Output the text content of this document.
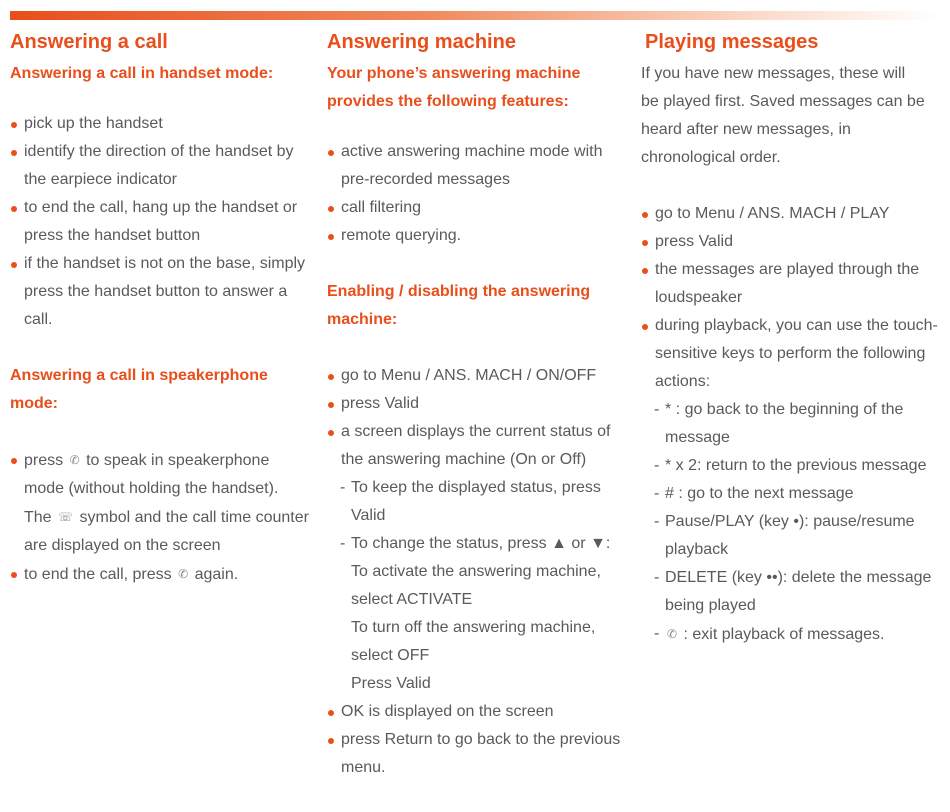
Answering a call
Answering a call in handset mode:
pick up the handset
identify the direction of the handset by the earpiece indicator
to end the call, hang up the handset or press the handset button
if the handset is not on the base, simply press the handset button to answer a call.
Answering a call in speakerphone mode:
press ✆ to speak in speakerphone mode (without holding the handset). The ☏ symbol and the call time counter are displayed on the screen
to end the call, press ✆ again.
Answering machine
Your phone’s answering machine provides the following features:
active answering machine mode with pre-recorded messages
call filtering
remote querying.
Enabling / disabling the answering machine:
go to Menu / ANS. MACH / ON/OFF
press Valid
a screen displays the current status of the answering machine (On or Off)
- To keep the displayed status, press Valid
- To change the status, press ▲ or ▼:
To activate the answering machine, select ACTIVATE
To turn off the answering machine, select OFF
Press Valid
OK is displayed on the screen
press Return to go back to the previous menu.
Playing messages

If you have new messages, these will be played first. Saved messages can be heard after new messages, in chronological order.

go to Menu / ANS. MACH / PLAY
press Valid
the messages are played through the loudspeaker
during playback, you can use the touch-sensitive keys to perform the following actions:
- * : go back to the beginning of the message
- * x 2: return to the previous message
- # : go to the next message
- Pause/PLAY (key •): pause/resume playback
- DELETE (key ••): delete the message being played
- ✆ : exit playback of messages.
